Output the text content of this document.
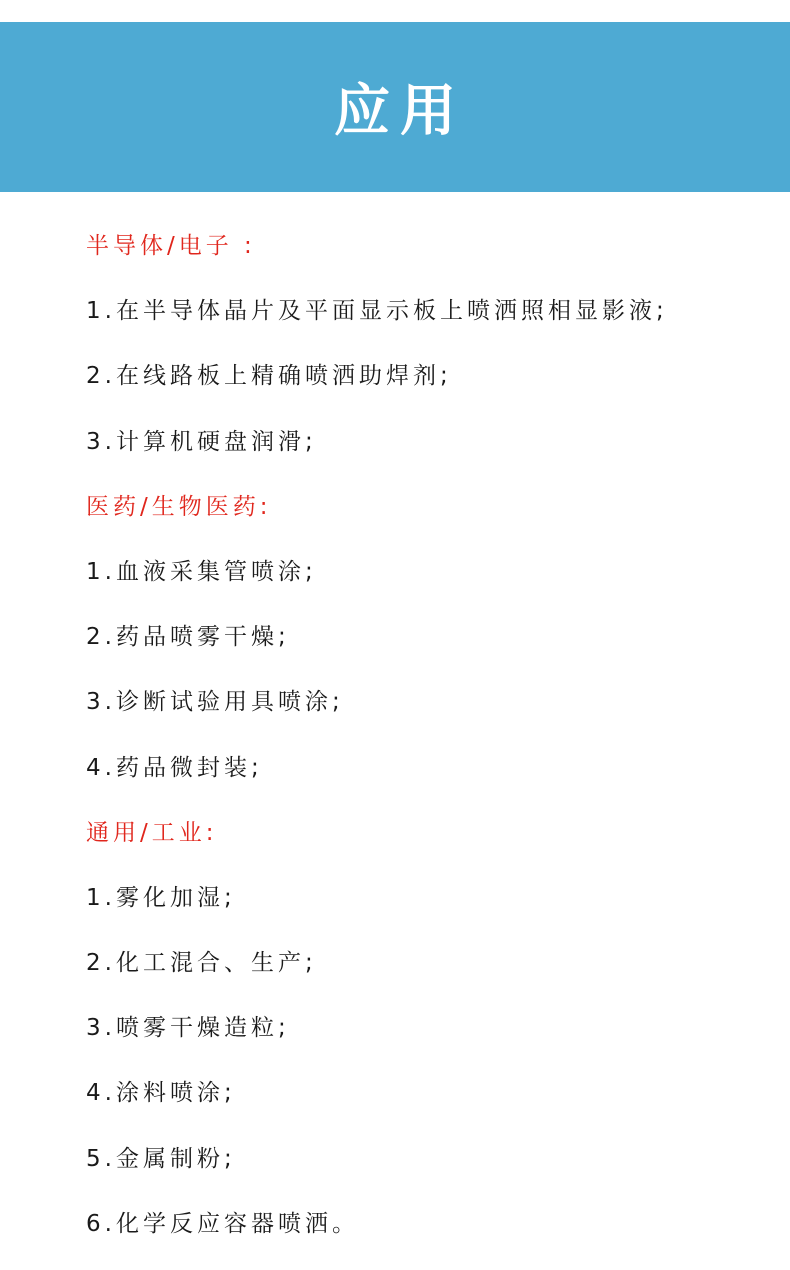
应用
半导体/电子 :
1.在半导体晶片及平面显示板上喷洒照相显影液;
2.在线路板上精确喷洒助焊剂;
3.计算机硬盘润滑;
医药/生物医药:
1.血液采集管喷涂;
2.药品喷雾干燥;
3.诊断试验用具喷涂;
4.药品微封装;
通用/工业:
1.雾化加湿;
2.化工混合、生产;
3.喷雾干燥造粒;
4.涂料喷涂;
5.金属制粉;
6.化学反应容器喷洒。
